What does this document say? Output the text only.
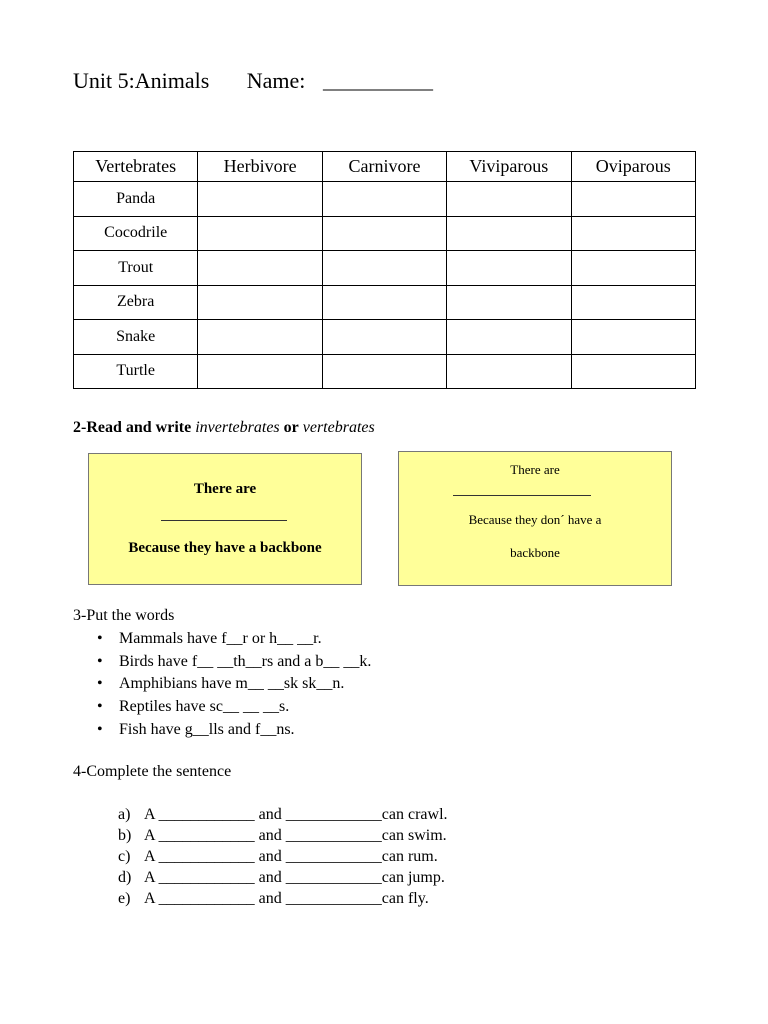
Unit 5:Animals Name: ___________
Vertebrates	Herbivore	Carnivore	Viviparous	Oviparous
Panda				
Cocodrile				
Trout				
Zebra				
Snake				
Turtle				
2-Read and write invertebrates or vertebrates
There are
Because they have a backbone
There are
Because they don´ have a
backbone
3-Put the words
• Mammals have f__r or h__ __r.
• Birds have f__ __th__rs and a b__ __k.
• Amphibians have m__ __sk sk__n.
• Reptiles have sc__ __ __s.
• Fish have g__lls and f__ns.
4-Complete the sentence
a) A ____________ and ____________can crawl.
b) A ____________ and ____________can swim.
c) A ____________ and ____________can rum.
d) A ____________ and ____________can jump.
e) A ____________ and ____________can fly.
